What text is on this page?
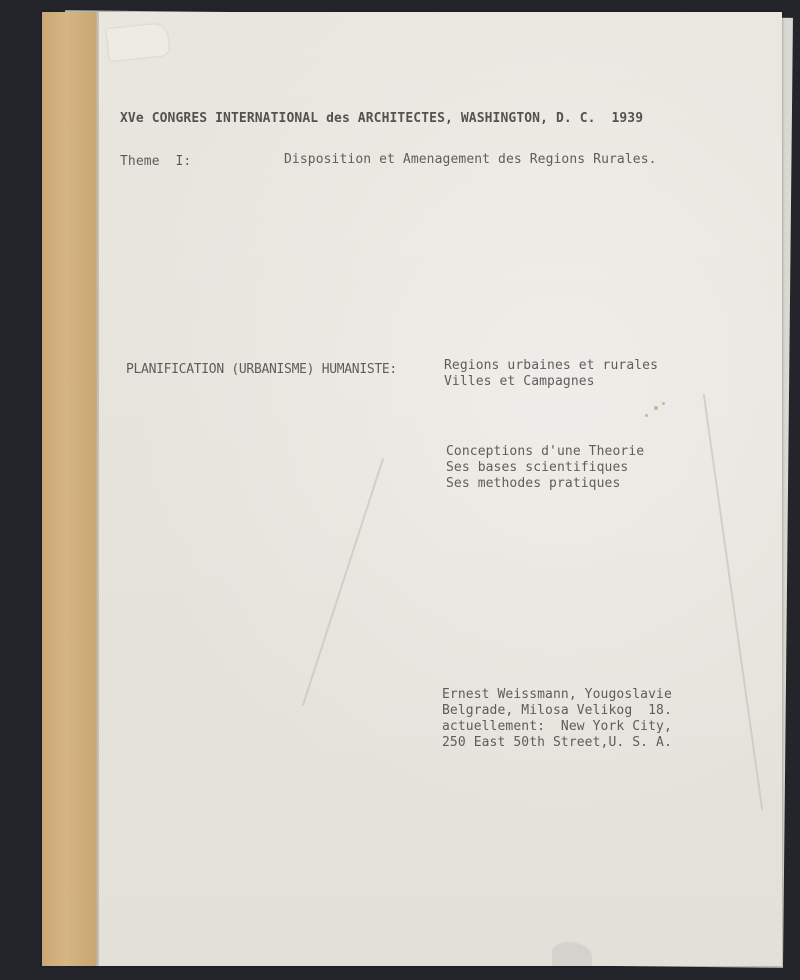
XVe CONGRES INTERNATIONAL des ARCHITECTES, WASHINGTON, D. C.  1939
Theme  I:	Disposition et Amenagement des Regions Rurales.
PLANIFICATION (URBANISME) HUMANISTE:	Regions urbaines et rurales
Villes et Campagnes
Conceptions d'une Theorie
Ses bases scientifiques
Ses methodes pratiques
Ernest Weissmann, Yougoslavie
Belgrade, Milosa Velikog  18.
actuellement:  New York City,
250 East 50th Street,U. S. A.
